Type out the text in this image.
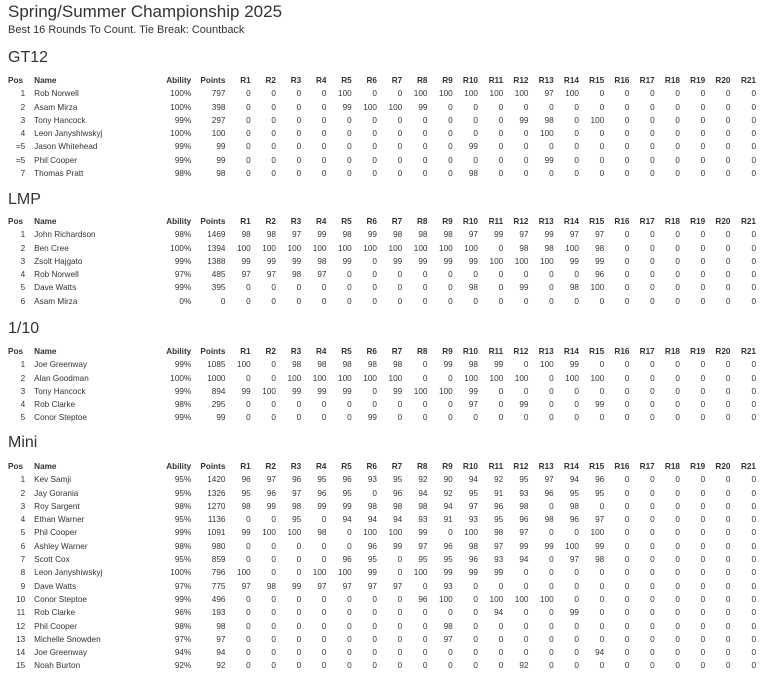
Spring/Summer Championship 2025
Best 16 Rounds To Count. Tie Break: Countback
GT12
Pos	Name	Ability	Points	R1	R2	R3	R4	R5	R6	R7	R8	R9	R10	R11	R12	R13	R14	R15	R16	R17	R18	R19	R20	R21
1	Rob Norwell	100%	797	0	0	0	0	100	0	0	100	100	100	100	100	97	100	0	0	0	0	0	0	0
2	Asam Mirza	100%	398	0	0	0	0	99	100	100	99	0	0	0	0	0	0	0	0	0	0	0	0	0
3	Tony Hancock	99%	297	0	0	0	0	0	0	0	0	0	0	0	99	98	0	100	0	0	0	0	0	0
4	Leon Janyshiwskyj	100%	100	0	0	0	0	0	0	0	0	0	0	0	0	100	0	0	0	0	0	0	0	0
=5	Jason Whitehead	99%	99	0	0	0	0	0	0	0	0	0	99	0	0	0	0	0	0	0	0	0	0	0
=5	Phil Cooper	99%	99	0	0	0	0	0	0	0	0	0	0	0	0	99	0	0	0	0	0	0	0	0
7	Thomas Pratt	98%	98	0	0	0	0	0	0	0	0	0	98	0	0	0	0	0	0	0	0	0	0	0
LMP
Pos	Name	Ability	Points	R1	R2	R3	R4	R5	R6	R7	R8	R9	R10	R11	R12	R13	R14	R15	R16	R17	R18	R19	R20	R21
1	John Richardson	98%	1469	98	98	97	99	98	99	98	98	98	97	99	97	99	97	97	0	0	0	0	0	0
2	Ben Cree	100%	1394	100	100	100	100	100	100	100	100	100	100	0	98	98	100	98	0	0	0	0	0	0
3	Zsolt Hajgato	99%	1388	99	99	99	98	99	0	99	99	99	99	100	100	100	99	99	0	0	0	0	0	0
4	Rob Norwell	97%	485	97	97	98	97	0	0	0	0	0	0	0	0	0	0	96	0	0	0	0	0	0
5	Dave Watts	99%	395	0	0	0	0	0	0	0	0	0	98	0	99	0	98	100	0	0	0	0	0	0
6	Asam Mirza	0%	0	0	0	0	0	0	0	0	0	0	0	0	0	0	0	0	0	0	0	0	0	0
1/10
Pos	Name	Ability	Points	R1	R2	R3	R4	R5	R6	R7	R8	R9	R10	R11	R12	R13	R14	R15	R16	R17	R18	R19	R20	R21
1	Joe Greenway	99%	1085	100	0	98	98	98	98	98	0	99	98	99	0	100	99	0	0	0	0	0	0	0
2	Alan Goodman	100%	1000	0	0	100	100	100	100	100	0	0	100	100	100	0	100	100	0	0	0	0	0	0
3	Tony Hancock	99%	894	99	100	99	99	99	0	99	100	100	99	0	0	0	0	0	0	0	0	0	0	0
4	Rob Clarke	98%	295	0	0	0	0	0	0	0	0	0	97	0	99	0	0	99	0	0	0	0	0	0
5	Conor Steptoe	99%	99	0	0	0	0	0	99	0	0	0	0	0	0	0	0	0	0	0	0	0	0	0
Mini
Pos	Name	Ability	Points	R1	R2	R3	R4	R5	R6	R7	R8	R9	R10	R11	R12	R13	R14	R15	R16	R17	R18	R19	R20	R21
1	Kev Samji	95%	1420	96	97	96	95	96	93	95	92	90	94	92	95	97	94	96	0	0	0	0	0	0
2	Jay Gorania	95%	1326	95	96	97	96	95	0	96	94	92	95	91	93	96	95	95	0	0	0	0	0	0
3	Roy Sargent	98%	1270	98	99	98	99	99	98	98	98	94	97	96	98	0	98	0	0	0	0	0	0	0
4	Ethan Warner	95%	1136	0	0	95	0	94	94	94	93	91	93	95	96	98	96	97	0	0	0	0	0	0
5	Phil Cooper	99%	1091	99	100	100	98	0	100	100	99	0	100	98	97	0	0	100	0	0	0	0	0	0
6	Ashley Warner	98%	980	0	0	0	0	0	96	99	97	96	98	97	99	99	100	99	0	0	0	0	0	0
7	Scott Cox	95%	859	0	0	0	0	96	95	0	95	95	96	93	94	0	97	98	0	0	0	0	0	0
8	Leon Janyshiwskyj	100%	796	100	0	0	100	100	99	0	100	99	99	99	0	0	0	0	0	0	0	0	0	0
9	Dave Watts	97%	775	97	98	99	97	97	97	97	0	93	0	0	0	0	0	0	0	0	0	0	0	0
10	Conor Steptoe	99%	496	0	0	0	0	0	0	0	96	100	0	100	100	100	0	0	0	0	0	0	0	0
11	Rob Clarke	96%	193	0	0	0	0	0	0	0	0	0	0	94	0	0	99	0	0	0	0	0	0	0
12	Phil Cooper	98%	98	0	0	0	0	0	0	0	0	98	0	0	0	0	0	0	0	0	0	0	0	0
13	Michelle Snowden	97%	97	0	0	0	0	0	0	0	0	97	0	0	0	0	0	0	0	0	0	0	0	0
14	Joe Greenway	94%	94	0	0	0	0	0	0	0	0	0	0	0	0	0	0	94	0	0	0	0	0	0
15	Noah Burton	92%	92	0	0	0	0	0	0	0	0	0	0	0	92	0	0	0	0	0	0	0	0	0
